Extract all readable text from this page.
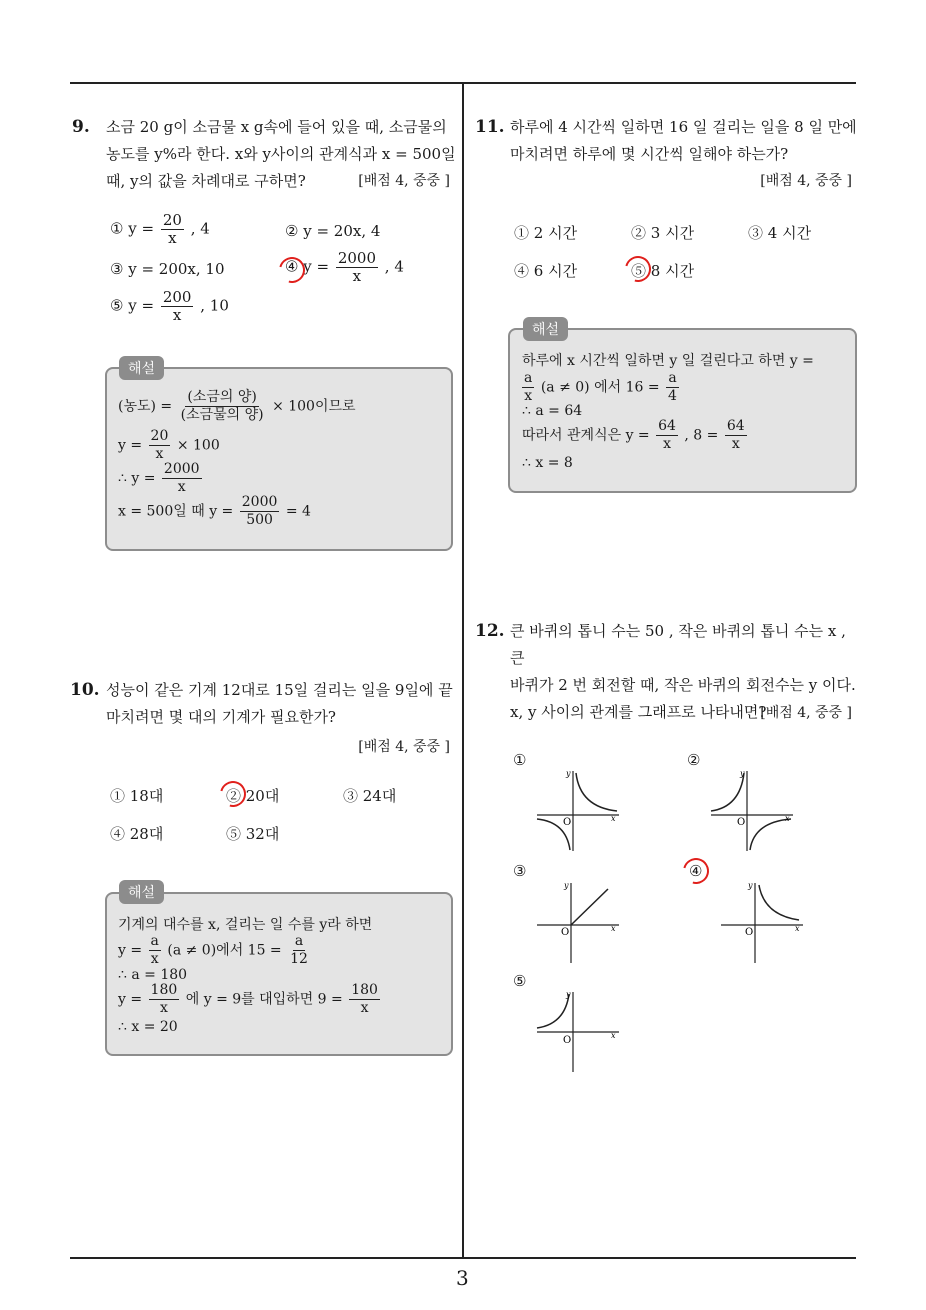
3
9. 소금 20 g이 소금물 x g속에 들어 있을 때, 소금물의
농도를 y%라 한다. x와 y사이의 관계식과 x = 500일
때, y의 값을 차례대로 구하면?	[배점 4, 중중 ]
① $y = \frac{20}{x}$ , 4	② y = 20x, 4
③ y = 200x, 10	④ $y = \frac{2000}{x}$ , 4
⑤ $y = \frac{200}{x}$ , 10
해설
(농도) = $\frac{\text{(소금의 양)}}{\text{(소금물의 양)}} \times 100$이므로
$y = \frac{20}{x} \times 100$
∴ $y = \frac{2000}{x}$
x = 500일 때 $y = \frac{2000}{500} = 4$
10. 성능이 같은 기계 12대로 15일 걸리는 일을 9일에 끝
마치려면 몇 대의 기계가 필요한가?
[배점 4, 중중 ]
① 18대	② 20대	③ 24대
④ 28대	⑤ 32대
해설
기계의 대수를 x, 걸리는 일 수를 y라 하면
$y = \frac{a}{x} (a \ne 0)$에서 $15 = \frac{a}{12}$
∴ a = 180
$y = \frac{180}{x}$ 에 y = 9를 대입하면 $9 = \frac{180}{x}$
∴ x = 20
11. 하루에 4 시간씩 일하면 16 일 걸리는 일을 8 일 만에
마치려면 하루에 몇 시간씩 일해야 하는가?
[배점 4, 중중 ]
① 2 시간	② 3 시간	③ 4 시간
④ 6 시간	⑤ 8 시간
해설
하루에 x 시간씩 일하면 y 일 걸린다고 하면 y =
$\frac{a}{x} (a \ne 0)$ 에서 $16 = \frac{a}{4}$
∴ a = 64
따라서 관계식은 $y = \frac{64}{x}$ , $8 = \frac{64}{x}$
∴ x = 8
12. 큰 바퀴의 톱니 수는 50 , 작은 바퀴의 톱니 수는 x , 큰
바퀴가 2 번 회전할 때, 작은 바퀴의 회전수는 y 이다.
x, y 사이의 관계를 그래프로 나타내면?
[배점 4, 중중 ]
①	②
③	④
⑤
O	x
y
O	x
y
O	x
y
O	x
y
O	x
y
